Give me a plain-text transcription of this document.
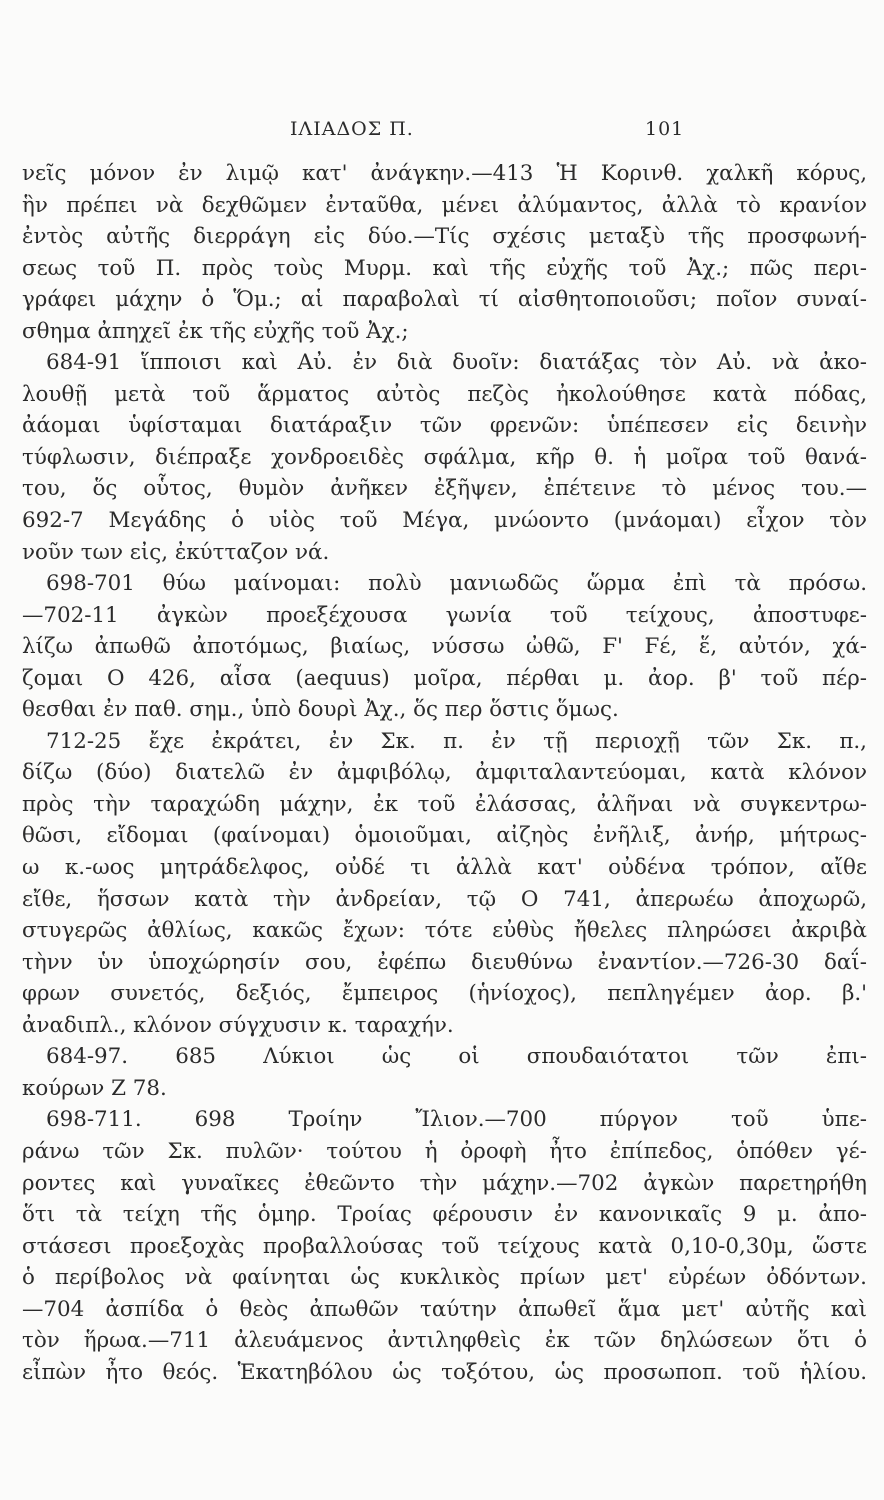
ΙΛΙΑΔΟΣ Π.	101
νεῖς μόνον ἐν λιμῷ κατ' ἀνάγκην.—413 Ἡ Κορινθ. χαλκῆ κόρυς,
ἣν πρέπει νὰ δεχθῶμεν ἐνταῦθα, μένει ἀλύμαντος, ἀλλὰ τὸ κρανίον
ἐντὸς αὐτῆς διερράγη εἰς δύο.—Τίς σχέσις μεταξὺ τῆς προσφωνή-
σεως τοῦ Π. πρὸς τοὺς Μυρμ. καὶ τῆς εὐχῆς τοῦ Ἀχ.; πῶς περι-
γράφει μάχην ὁ Ὅμ.; αἱ παραβολαὶ τί αἰσθητοποιοῦσι; ποῖον συναί-
σθημα ἀπηχεῖ ἐκ τῆς εὐχῆς τοῦ Ἀχ.;
684-91 ἵπποισι καὶ Αὐ. ἐν διὰ δυοῖν: διατάξας τὸν Αὐ. νὰ ἀκο-
λουθῇ μετὰ τοῦ ἅρματος αὐτὸς πεζὸς ἠκολούθησε κατὰ πόδας,
ἀάομαι ὑφίσταμαι διατάραξιν τῶν φρενῶν: ὑπέπεσεν εἰς δεινὴν
τύφλωσιν, διέπραξε χονδροειδὲς σφάλμα, κῆρ θ. ἡ μοῖρα τοῦ θανά-
του, ὅς οὗτος, θυμὸν ἀνῆκεν ἐξῆψεν, ἐπέτεινε τὸ μένος του.—
692-7 Μεγάδης ὁ υἱὸς τοῦ Μέγα, μνώοντο (μνάομαι) εἶχον τὸν
νοῦν των εἰς, ἐκύτταζον νά.
698-701 θύω μαίνομαι: πολὺ μανιωδῶς ὥρμα ἐπὶ τὰ πρόσω.
—702-11 ἀγκὼν προεξέχουσα γωνία τοῦ τείχους, ἀποστυφε-
λίζω ἀπωθῶ ἀποτόμως, βιαίως, νύσσω ὠθῶ, Ϝ' Ϝέ, ἕ, αὐτόν, χά-
ζομαι Ο 426, αἶσα (aequus) μοῖρα, πέρθαι μ. ἀορ. β' τοῦ πέρ-
θεσθαι ἐν παθ. σημ., ὑπὸ δουρὶ Ἀχ., ὅς περ ὅστις ὅμως.
712-25 ἔχε ἐκράτει, ἐν Σκ. π. ἐν τῇ περιοχῇ τῶν Σκ. π.,
δίζω (δύο) διατελῶ ἐν ἀμφιβόλῳ, ἀμφιταλαντεύομαι, κατὰ κλόνον
πρὸς τὴν ταραχώδη μάχην, ἐκ τοῦ ἐλάσσας, ἀλῆναι νὰ συγκεντρω-
θῶσι, εἴδομαι (φαίνομαι) ὁμοιοῦμαι, αἰζηὸς ἐνῆλιξ, ἀνήρ, μήτρως-
ω κ.-ωος μητράδελφος, οὐδέ τι ἀλλὰ κατ' οὐδένα τρόπον, αἴθε
εἴθε, ἥσσων κατὰ τὴν ἀνδρείαν, τῷ Ο 741, ἀπερωέω ἀποχωρῶ,
στυγερῶς ἀθλίως, κακῶς ἔχων: τότε εὐθὺς ἤθελες πληρώσει ἀκριβὰ
τὴνν ὑν ὑποχώρησίν σου, ἐφέπω διευθύνω ἐναντίον.—726-30 δαΐ-
φρων συνετός, δεξιός, ἔμπειρος (ἡνίοχος), πεπληγέμεν ἀορ. β.'
ἀναδιπλ., κλόνον σύγχυσιν κ. ταραχήν.
684-97. 685 Λύκιοι ὡς οἱ σπουδαιότατοι τῶν ἐπι-
κούρων Ζ 78.
698-711. 698 Τροίην Ἴλιον.—700 πύργον τοῦ ὑπε-
ράνω τῶν Σκ. πυλῶν· τούτου ἡ ὀροφὴ ἦτο ἐπίπεδος, ὁπόθεν γέ-
ροντες καὶ γυναῖκες ἐθεῶντο τὴν μάχην.—702 ἀγκὼν παρετηρήθη
ὅτι τὰ τείχη τῆς ὁμηρ. Τροίας φέρουσιν ἐν κανονικαῖς 9 μ. ἀπο-
στάσεσι προεξοχὰς προβαλλούσας τοῦ τείχους κατὰ 0,10-0,30μ, ὥστε
ὁ περίβολος νὰ φαίνηται ὡς κυκλικὸς πρίων μετ' εὐρέων ὀδόντων.
—704 ἀσπίδα ὁ θεὸς ἀπωθῶν ταύτην ἀπωθεῖ ἅμα μετ' αὐτῆς καὶ
τὸν ἥρωα.—711 ἀλευάμενος ἀντιληφθεὶς ἐκ τῶν δηλώσεων ὅτι ὁ
εἶπὼν ἦτο θεός. Ἑκατηβόλου ὡς τοξότου, ὡς προσωποπ. τοῦ ἡλίου.
